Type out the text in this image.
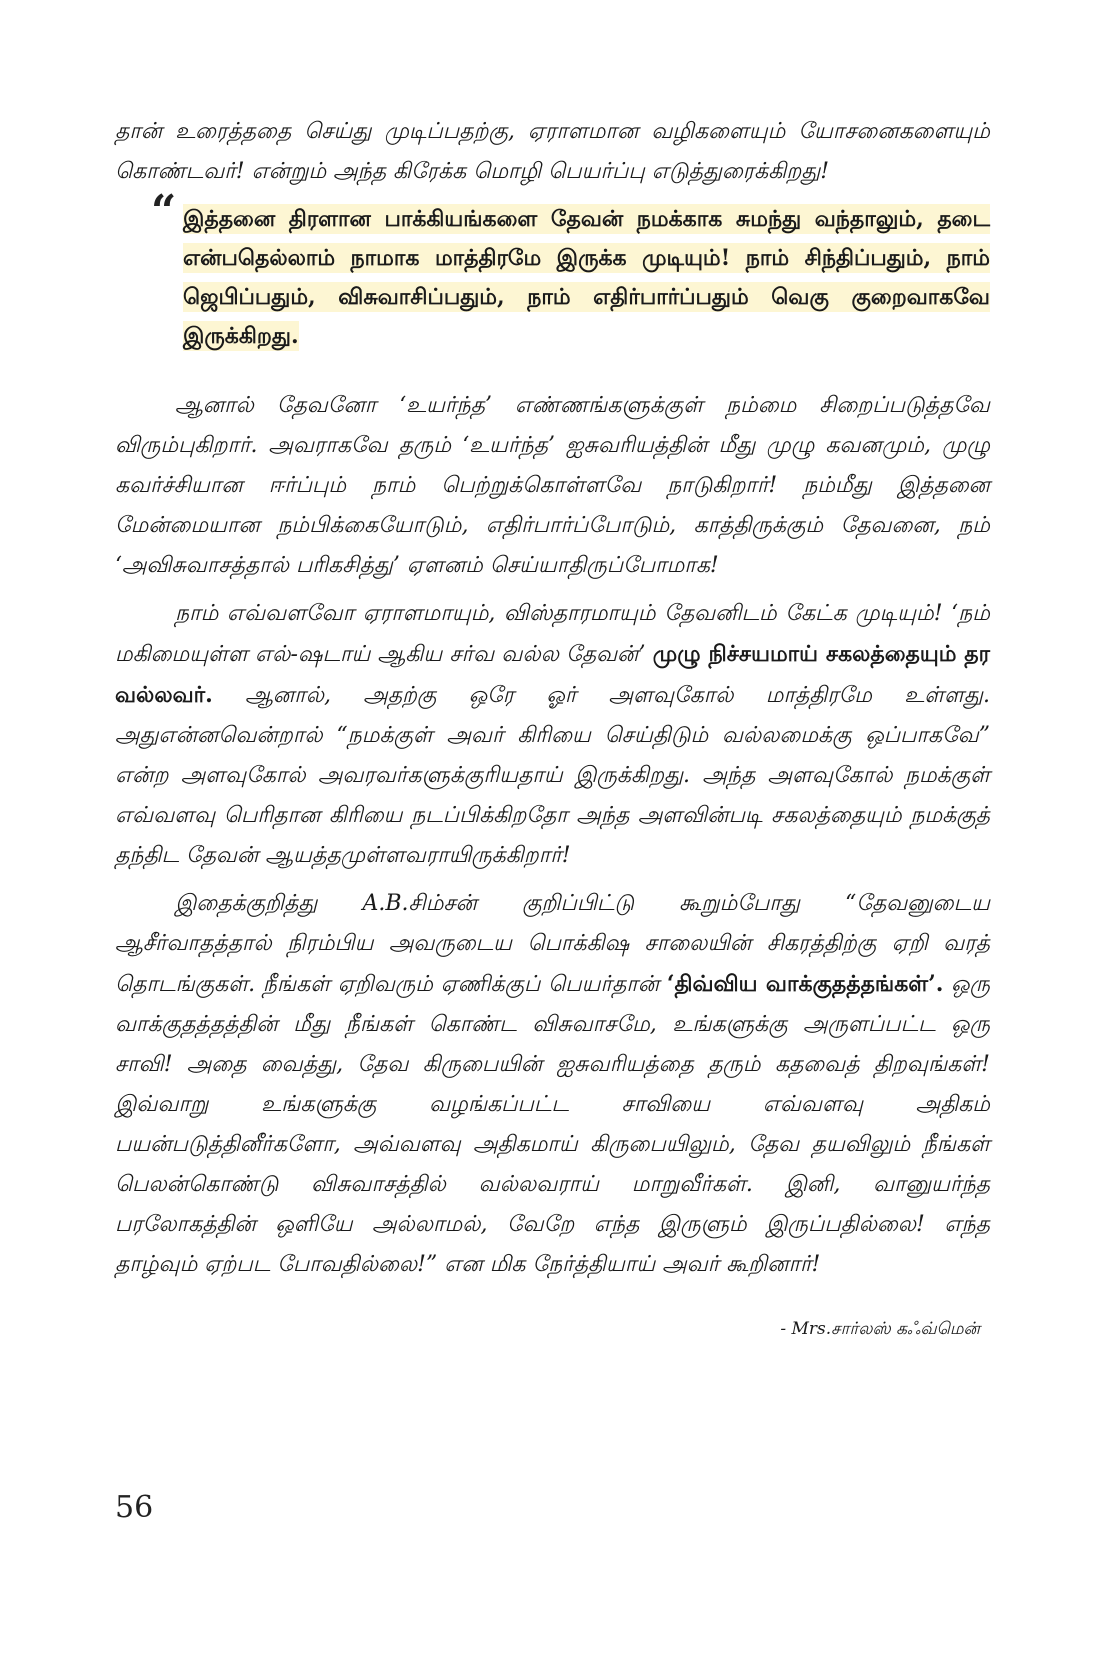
தான் உரைத்ததை செய்து முடிப்பதற்கு, ஏராளமான வழிகளையும் யோசனைகளையும் கொண்டவர்! என்றும் அந்த கிரேக்க மொழி பெயர்ப்பு எடுத்துரைக்கிறது!

“ இத்தனை திரளான பாக்கியங்களை தேவன் நமக்காக சுமந்து வந்தாலும், தடை என்பதெல்லாம் நாமாக மாத்திரமே இருக்க முடியும்! நாம் சிந்திப்பதும், நாம் ஜெபிப்பதும், விசுவாசிப்பதும், நாம் எதிர்பார்ப்பதும் வெகு குறைவாகவே இருக்கிறது.

ஆனால் தேவனோ ‘உயர்ந்த’ எண்ணங்களுக்குள் நம்மை சிறைப்படுத்தவே விரும்புகிறார். அவராகவே தரும் ‘உயர்ந்த’ ஐசுவரியத்தின் மீது முழு கவனமும், முழு கவர்ச்சியான ஈர்ப்பும் நாம் பெற்றுக்கொள்ளவே நாடுகிறார்! நம்மீது இத்தனை மேன்மையான நம்பிக்கையோடும், எதிர்பார்ப்போடும், காத்திருக்கும் தேவனை, நம் ‘அவிசுவாசத்தால் பரிகசித்து’ ஏளனம் செய்யாதிருப்போமாக!

நாம் எவ்வளவோ ஏராளமாயும், விஸ்தாரமாயும் தேவனிடம் கேட்க முடியும்! ‘நம் மகிமையுள்ள எல்-ஷடாய் ஆகிய சர்வ வல்ல தேவன்’ முழு நிச்சயமாய் சகலத்தையும் தர வல்லவர். ஆனால், அதற்கு ஒரே ஓர் அளவுகோல் மாத்திரமே உள்ளது. அதுஎன்னவென்றால் “நமக்குள் அவர் கிரியை செய்திடும் வல்லமைக்கு ஒப்பாகவே” என்ற அளவுகோல் அவரவர்களுக்குரியதாய் இருக்கிறது. அந்த அளவுகோல் நமக்குள் எவ்வளவு பெரிதான கிரியை நடப்பிக்கிறதோ அந்த அளவின்படி சகலத்தையும் நமக்குத் தந்திட தேவன் ஆயத்தமுள்ளவராயிருக்கிறார்!

இதைக்குறித்து A.B.சிம்சன் குறிப்பிட்டு கூறும்போது “தேவனுடைய ஆசீர்வாதத்தால் நிரம்பிய அவருடைய பொக்கிஷ சாலையின் சிகரத்திற்கு ஏறி வரத் தொடங்குகள். நீங்கள் ஏறிவரும் ஏணிக்குப் பெயர்தான் ‘திவ்விய வாக்குதத்தங்கள்’. ஒரு வாக்குதத்தத்தின் மீது நீங்கள் கொண்ட விசுவாசமே, உங்களுக்கு அருளப்பட்ட ஒரு சாவி! அதை வைத்து, தேவ கிருபையின் ஐசுவரியத்தை தரும் கதவைத் திறவுங்கள்! இவ்வாறு உங்களுக்கு வழங்கப்பட்ட சாவியை எவ்வளவு அதிகம் பயன்படுத்தினீர்களோ, அவ்வளவு அதிகமாய் கிருபையிலும், தேவ தயவிலும் நீங்கள் பெலன்கொண்டு விசுவாசத்தில் வல்லவராய் மாறுவீர்கள். இனி, வானுயர்ந்த பரலோகத்தின் ஒளியே அல்லாமல், வேறே எந்த இருளும் இருப்பதில்லை! எந்த தாழ்வும் ஏற்பட போவதில்லை!” என மிக நேர்த்தியாய் அவர் கூறினார்!

- Mrs.சார்லஸ் கஃவ்மென்
56
